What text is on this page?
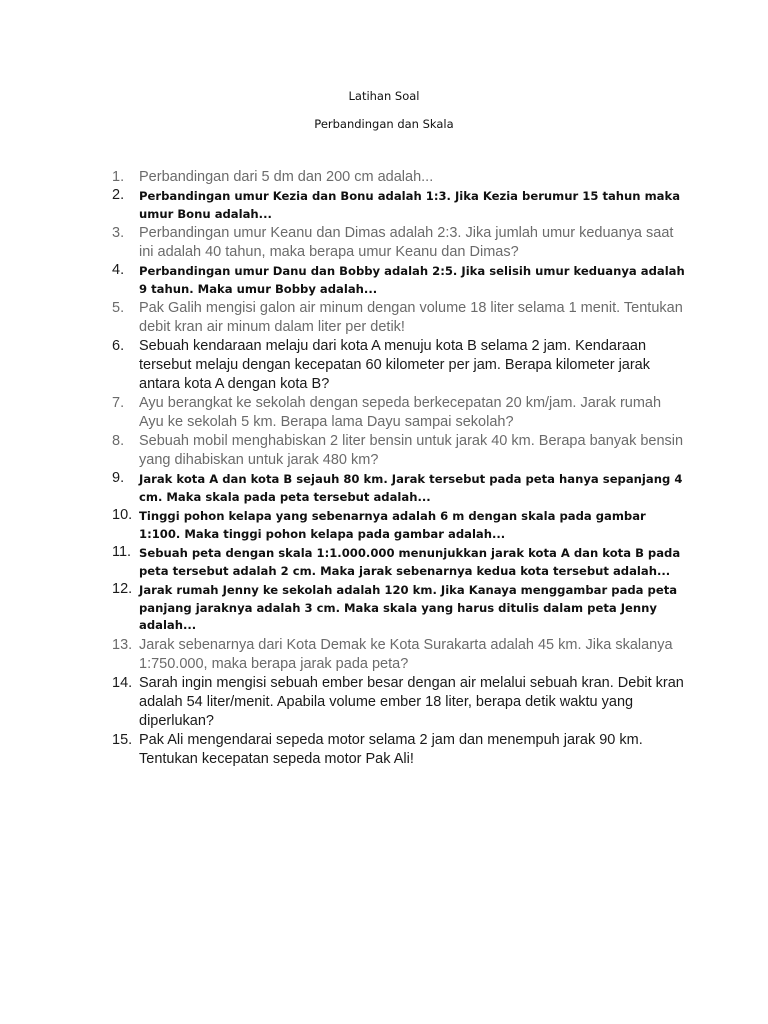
Latihan Soal

Perbandingan dan Skala

1.	Perbandingan dari 5 dm dan 200 cm adalah...
2.	Perbandingan umur Kezia dan Bonu adalah 1:3. Jika Kezia berumur 15 tahun maka umur Bonu adalah...
3.	Perbandingan umur Keanu dan Dimas adalah 2:3. Jika jumlah umur keduanya saat ini adalah 40 tahun, maka berapa umur Keanu dan Dimas?
4.	Perbandingan umur Danu dan Bobby adalah 2:5. Jika selisih umur keduanya adalah 9 tahun. Maka umur Bobby adalah...
5.	Pak Galih mengisi galon air minum dengan volume 18 liter selama 1 menit. Tentukan debit kran air minum dalam liter per detik!
6.	Sebuah kendaraan melaju dari kota A menuju kota B selama 2 jam. Kendaraan tersebut melaju dengan kecepatan 60 kilometer per jam. Berapa kilometer jarak antara kota A dengan kota B?
7.	Ayu berangkat ke sekolah dengan sepeda berkecepatan 20 km/jam. Jarak rumah Ayu ke sekolah 5 km. Berapa lama Dayu sampai sekolah?
8.	Sebuah mobil menghabiskan 2 liter bensin untuk jarak 40 km. Berapa banyak bensin yang dihabiskan untuk jarak 480 km?
9.	Jarak kota A dan kota B sejauh 80 km. Jarak tersebut pada peta hanya sepanjang 4 cm. Maka skala pada peta tersebut adalah...
10. Tinggi pohon kelapa yang sebenarnya adalah 6 m dengan skala pada gambar 1:100. Maka tinggi pohon kelapa pada gambar adalah...
11. Sebuah peta dengan skala 1:1.000.000 menunjukkan jarak kota A dan kota B pada peta tersebut adalah 2 cm. Maka jarak sebenarnya kedua kota tersebut adalah...
12. Jarak rumah Jenny ke sekolah adalah 120 km. Jika Kanaya menggambar pada peta panjang jaraknya adalah 3 cm. Maka skala yang harus ditulis dalam peta Jenny adalah...
13. Jarak sebenarnya dari Kota Demak ke Kota Surakarta adalah 45 km. Jika skalanya 1:750.000, maka berapa jarak pada peta?
14. Sarah ingin mengisi sebuah ember besar dengan air melalui sebuah kran. Debit kran adalah 54 liter/menit. Apabila volume ember 18 liter, berapa detik waktu yang diperlukan?
15. Pak Ali mengendarai sepeda motor selama 2 jam dan menempuh jarak 90 km. Tentukan kecepatan sepeda motor Pak Ali!
